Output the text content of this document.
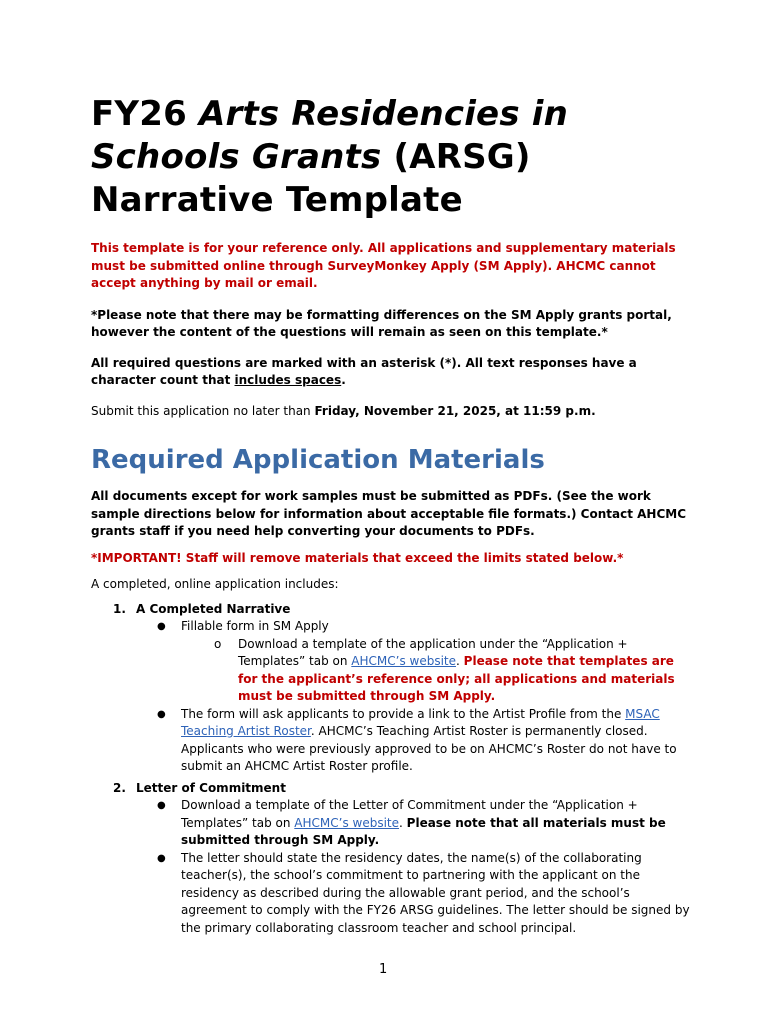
FY26 Arts Residencies in Schools Grants (ARSG) Narrative Template

This template is for your reference only. All applications and supplementary materials must be submitted online through SurveyMonkey Apply (SM Apply). AHCMC cannot accept anything by mail or email.

*Please note that there may be formatting differences on the SM Apply grants portal, however the content of the questions will remain as seen on this template.*

All required questions are marked with an asterisk (*). All text responses have a character count that includes spaces.

Submit this application no later than Friday, November 21, 2025, at 11:59 p.m.

Required Application Materials

All documents except for work samples must be submitted as PDFs. (See the work sample directions below for information about acceptable file formats.) Contact AHCMC grants staff if you need help converting your documents to PDFs.

*IMPORTANT! Staff will remove materials that exceed the limits stated below.*

A completed, online application includes:

1. A Completed Narrative
● Fillable form in SM Apply
o Download a template of the application under the “Application + Templates” tab on AHCMC’s website. Please note that templates are for the applicant’s reference only; all applications and materials must be submitted through SM Apply.
● The form will ask applicants to provide a link to the Artist Profile from the MSAC Teaching Artist Roster. AHCMC’s Teaching Artist Roster is permanently closed. Applicants who were previously approved to be on AHCMC’s Roster do not have to submit an AHCMC Artist Roster profile.
2. Letter of Commitment
● Download a template of the Letter of Commitment under the “Application + Templates” tab on AHCMC’s website. Please note that all materials must be submitted through SM Apply.
● The letter should state the residency dates, the name(s) of the collaborating teacher(s), the school’s commitment to partnering with the applicant on the residency as described during the allowable grant period, and the school’s agreement to comply with the FY26 ARSG guidelines. The letter should be signed by the primary collaborating classroom teacher and school principal.
1
